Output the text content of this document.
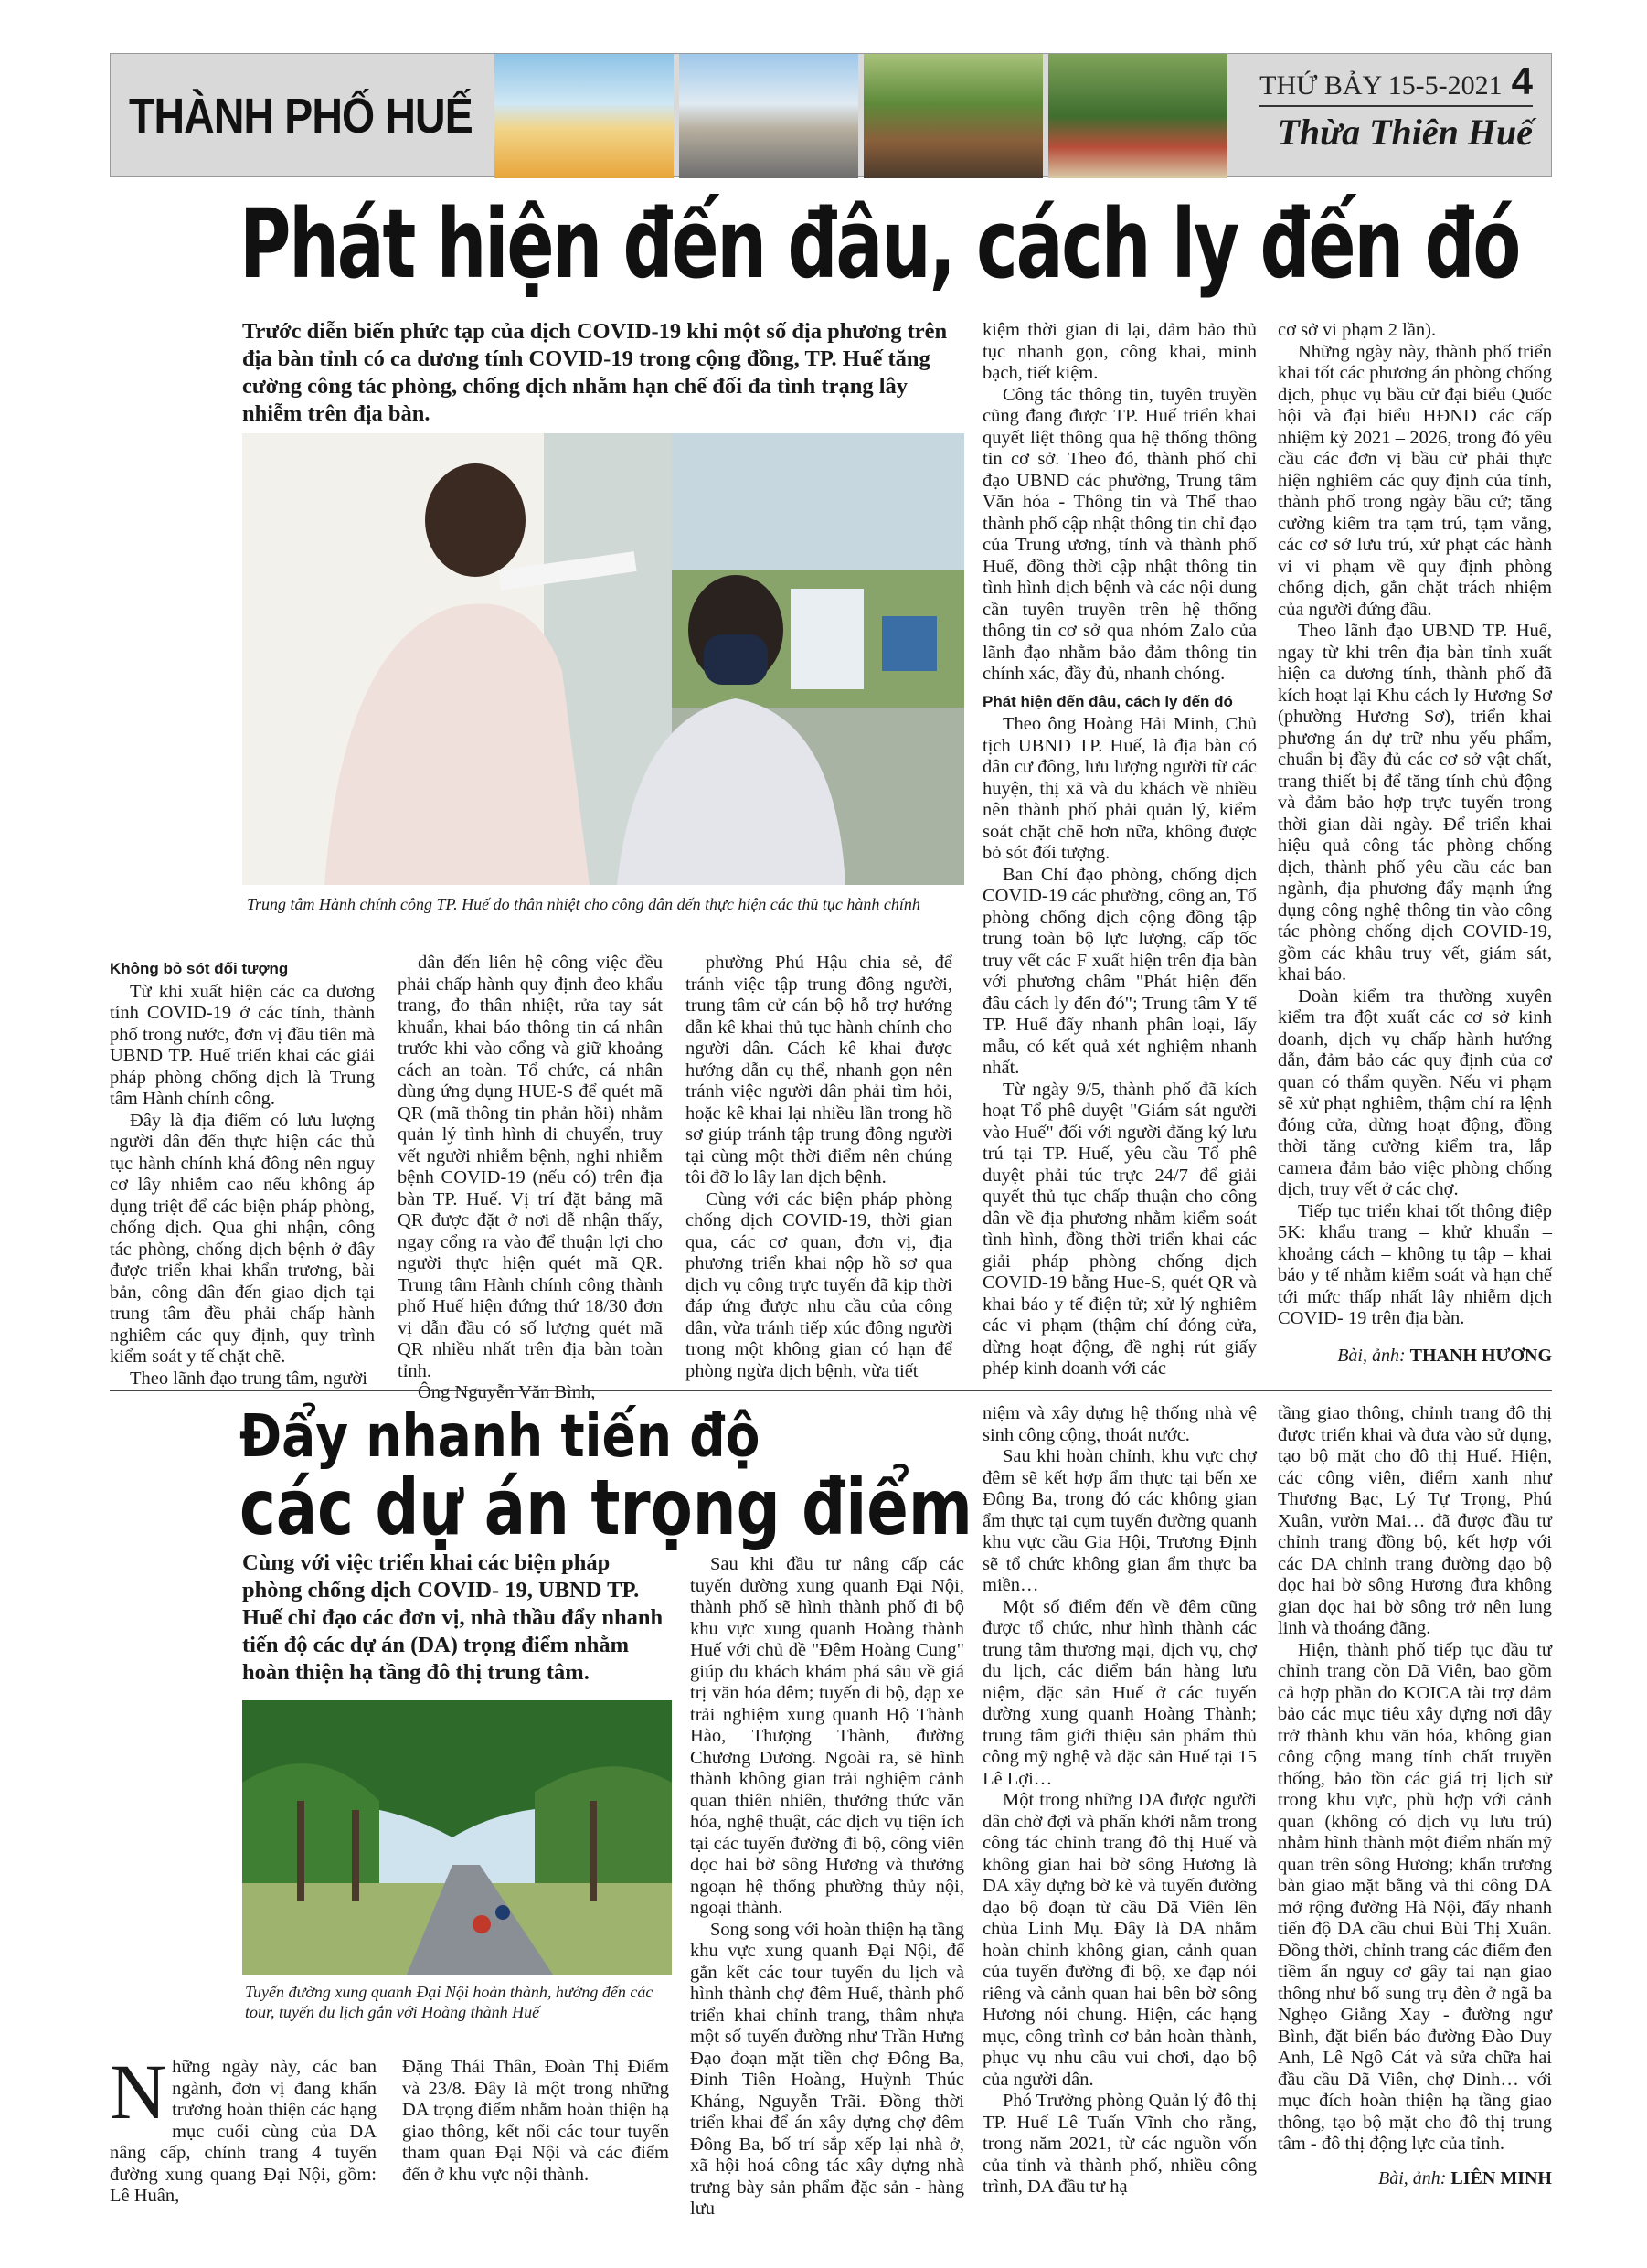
THÀNH PHỐ HUẾ
THỨ BẢY 15-5-2021 4
Thừa Thiên Huế
Phát hiện đến đâu, cách ly đến đó
Trước diễn biến phức tạp của dịch COVID-19 khi một số địa phương trên địa bàn tỉnh có ca dương tính COVID-19 trong cộng đồng, TP. Huế tăng cường công tác phòng, chống dịch nhằm hạn chế đối đa tình trạng lây nhiễm trên địa bàn.
Trung tâm Hành chính công TP. Huế đo thân nhiệt cho công dân đến thực hiện các thủ tục hành chính

Không bỏ sót đối tượng

Từ khi xuất hiện các ca dương tính COVID-19 ở các tỉnh, thành phố trong nước, đơn vị đầu tiên mà UBND TP. Huế triển khai các giải pháp phòng chống dịch là Trung tâm Hành chính công.

Đây là địa điểm có lưu lượng người dân đến thực hiện các thủ tục hành chính khá đông nên nguy cơ lây nhiễm cao nếu không áp dụng triệt để các biện pháp phòng, chống dịch. Qua ghi nhận, công tác phòng, chống dịch bệnh ở đây được triển khai khẩn trương, bài bản, công dân đến giao dịch tại trung tâm đều phải chấp hành nghiêm các quy định, quy trình kiểm soát y tế chặt chẽ.

Theo lãnh đạo trung tâm, người

dân đến liên hệ công việc đều phải chấp hành quy định đeo khẩu trang, đo thân nhiệt, rửa tay sát khuẩn, khai báo thông tin cá nhân trước khi vào cổng và giữ khoảng cách an toàn. Tổ chức, cá nhân dùng ứng dụng HUE-S để quét mã QR (mã thông tin phản hồi) nhằm quản lý tình hình di chuyển, truy vết người nhiễm bệnh, nghi nhiễm bệnh COVID-19 (nếu có) trên địa bàn TP. Huế. Vị trí đặt bảng mã QR được đặt ở nơi dễ nhận thấy, ngay cổng ra vào để thuận lợi cho người thực hiện quét mã QR. Trung tâm Hành chính công thành phố Huế hiện đứng thứ 18/30 đơn vị dẫn đầu có số lượng quét mã QR nhiều nhất trên địa bàn toàn tỉnh.

Ông Nguyễn Văn Bình,

phường Phú Hậu chia sẻ, để tránh việc tập trung đông người, trung tâm cử cán bộ hỗ trợ hướng dẫn kê khai thủ tục hành chính cho người dân. Cách kê khai được hướng dẫn cụ thể, nhanh gọn nên tránh việc người dân phải tìm hỏi, hoặc kê khai lại nhiều lần trong hồ sơ giúp tránh tập trung đông người tại cùng một thời điểm nên chúng tôi đỡ lo lây lan dịch bệnh.

Cùng với các biện pháp phòng chống dịch COVID-19, thời gian qua, các cơ quan, đơn vị, địa phương triển khai nộp hồ sơ qua dịch vụ công trực tuyến đã kịp thời đáp ứng được nhu cầu của công dân, vừa tránh tiếp xúc đông người trong một không gian có hạn để phòng ngừa dịch bệnh, vừa tiết

kiệm thời gian đi lại, đảm bảo thủ tục nhanh gọn, công khai, minh bạch, tiết kiệm.

Công tác thông tin, tuyên truyền cũng đang được TP. Huế triển khai quyết liệt thông qua hệ thống thông tin cơ sở. Theo đó, thành phố chỉ đạo UBND các phường, Trung tâm Văn hóa - Thông tin và Thể thao thành phố cập nhật thông tin chỉ đạo của Trung ương, tỉnh và thành phố Huế, đồng thời cập nhật thông tin tình hình dịch bệnh và các nội dung cần tuyên truyền trên hệ thống thông tin cơ sở qua nhóm Zalo của lãnh đạo nhằm bảo đảm thông tin chính xác, đầy đủ, nhanh chóng.

Phát hiện đến đâu, cách ly đến đó

Theo ông Hoàng Hải Minh, Chủ tịch UBND TP. Huế, là địa bàn có dân cư đông, lưu lượng người từ các huyện, thị xã và du khách về nhiều nên thành phố phải quản lý, kiểm soát chặt chẽ hơn nữa, không được bỏ sót đối tượng.

Ban Chỉ đạo phòng, chống dịch COVID-19 các phường, công an, Tổ phòng chống dịch cộng đồng tập trung toàn bộ lực lượng, cấp tốc truy vết các F xuất hiện trên địa bàn với phương châm "Phát hiện đến đâu cách ly đến đó"; Trung tâm Y tế TP. Huế đẩy nhanh phân loại, lấy mẫu, có kết quả xét nghiệm nhanh nhất.

Từ ngày 9/5, thành phố đã kích hoạt Tổ phê duyệt "Giám sát người vào Huế" đối với người đăng ký lưu trú tại TP. Huế, yêu cầu Tổ phê duyệt phải túc trực 24/7 để giải quyết thủ tục chấp thuận cho công dân về địa phương nhằm kiểm soát tình hình, đồng thời triển khai các giải pháp phòng chống dịch COVID-19 bằng Hue-S, quét QR và khai báo y tế điện tử; xử lý nghiêm các vi phạm (thậm chí đóng cửa, dừng hoạt động, đề nghị rút giấy phép kinh doanh với các

cơ sở vi phạm 2 lần).

Những ngày này, thành phố triển khai tốt các phương án phòng chống dịch, phục vụ bầu cử đại biểu Quốc hội và đại biểu HĐND các cấp nhiệm kỳ 2021 – 2026, trong đó yêu cầu các đơn vị bầu cử phải thực hiện nghiêm các quy định của tỉnh, thành phố trong ngày bầu cử; tăng cường kiểm tra tạm trú, tạm vắng, các cơ sở lưu trú, xử phạt các hành vi vi phạm về quy định phòng chống dịch, gắn chặt trách nhiệm của người đứng đầu.

Theo lãnh đạo UBND TP. Huế, ngay từ khi trên địa bàn tỉnh xuất hiện ca dương tính, thành phố đã kích hoạt lại Khu cách ly Hương Sơ (phường Hương Sơ), triển khai phương án dự trữ nhu yếu phẩm, chuẩn bị đầy đủ các cơ sở vật chất, trang thiết bị để tăng tính chủ động và đảm bảo hợp trực tuyến trong thời gian dài ngày. Để triển khai hiệu quả công tác phòng chống dịch, thành phố yêu cầu các ban ngành, địa phương đẩy mạnh ứng dụng công nghệ thông tin vào công tác phòng chống dịch COVID-19, gồm các khâu truy vết, giám sát, khai báo.

Đoàn kiểm tra thường xuyên kiểm tra đột xuất các cơ sở kinh doanh, dịch vụ chấp hành hướng dẫn, đảm bảo các quy định của cơ quan có thẩm quyền. Nếu vi phạm sẽ xử phạt nghiêm, thậm chí ra lệnh đóng cửa, dừng hoạt động, đồng thời tăng cường kiểm tra, lắp camera đảm bảo việc phòng chống dịch, truy vết ở các chợ.

Tiếp tục triển khai tốt thông điệp 5K: khẩu trang – khử khuẩn – khoảng cách – không tụ tập – khai báo y tế nhằm kiểm soát và hạn chế tới mức thấp nhất lây nhiễm dịch COVID- 19 trên địa bàn.

Bài, ảnh: THANH HƯƠNG
Đẩy nhanh tiến độ
các dự án trọng điểm
Cùng với việc triển khai các biện pháp phòng chống dịch COVID- 19, UBND TP. Huế chỉ đạo các đơn vị, nhà thầu đẩy nhanh tiến độ các dự án (DA) trọng điểm nhằm hoàn thiện hạ tầng đô thị trung tâm.
Tuyến đường xung quanh Đại Nội hoàn thành, hướng đến các tour, tuyến du lịch gắn với Hoàng thành Huế

Những ngày này, các ban ngành, đơn vị đang khẩn trương hoàn thiện các hạng mục cuối cùng của DA nâng cấp, chỉnh trang 4 tuyến đường xung quang Đại Nội, gồm: Lê Huân,

Đặng Thái Thân, Đoàn Thị Điểm và 23/8. Đây là một trong những DA trọng điểm nhằm hoàn thiện hạ giao thông, kết nối các tour tuyến tham quan Đại Nội và các điểm đến ở khu vực nội thành.

Sau khi đầu tư nâng cấp các tuyến đường xung quanh Đại Nội, thành phố sẽ hình thành phố đi bộ khu vực xung quanh Hoàng thành Huế với chủ đề "Đêm Hoàng Cung" giúp du khách khám phá sâu về giá trị văn hóa đêm; tuyến đi bộ, đạp xe trải nghiệm xung quanh Hộ Thành Hào, Thượng Thành, đường Chương Dương. Ngoài ra, sẽ hình thành không gian trải nghiệm cảnh quan thiên nhiên, thưởng thức văn hóa, nghệ thuật, các dịch vụ tiện ích tại các tuyến đường đi bộ, công viên dọc hai bờ sông Hương và thưởng ngoạn hệ thống phường thủy nội, ngoại thành.

Song song với hoàn thiện hạ tầng khu vực xung quanh Đại Nội, để gắn kết các tour tuyến du lịch và hình thành chợ đêm Huế, thành phố triển khai chỉnh trang, thâm nhựa một số tuyến đường như Trần Hưng Đạo đoạn mặt tiền chợ Đông Ba, Đinh Tiên Hoàng, Huỳnh Thúc Kháng, Nguyễn Trãi. Đồng thời triển khai để án xây dựng chợ đêm Đông Ba, bố trí sắp xếp lại nhà ở, xã hội hoá công tác xây dựng nhà trưng bày sản phẩm đặc sản - hàng lưu

niệm và xây dựng hệ thống nhà vệ sinh công cộng, thoát nước.

Sau khi hoàn chỉnh, khu vực chợ đêm sẽ kết hợp ẩm thực tại bến xe Đông Ba, trong đó các không gian ẩm thực tại cụm tuyến đường quanh khu vực cầu Gia Hội, Trương Định sẽ tổ chức không gian ẩm thực ba miền…

Một số điểm đến về đêm cũng được tổ chức, như hình thành các trung tâm thương mại, dịch vụ, chợ du lịch, các điểm bán hàng lưu niệm, đặc sản Huế ở các tuyến đường xung quanh Hoàng Thành; trung tâm giới thiệu sản phẩm thủ công mỹ nghệ và đặc sản Huế tại 15 Lê Lợi…

Một trong những DA được người dân chờ đợi và phấn khởi nằm trong công tác chỉnh trang đô thị Huế và không gian hai bờ sông Hương là DA xây dựng bờ kè và tuyến đường dạo bộ đoạn từ cầu Dã Viên lên chùa Linh Mụ. Đây là DA nhằm hoàn chỉnh không gian, cảnh quan của tuyến đường đi bộ, xe đạp nói riêng và cảnh quan hai bên bờ sông Hương nói chung. Hiện, các hạng mục, công trình cơ bản hoàn thành, phục vụ nhu cầu vui chơi, dạo bộ của người dân.

Phó Trưởng phòng Quản lý đô thị TP. Huế Lê Tuấn Vĩnh cho rằng, trong năm 2021, từ các nguồn vốn của tỉnh và thành phố, nhiều công trình, DA đầu tư hạ

tầng giao thông, chỉnh trang đô thị được triển khai và đưa vào sử dụng, tạo bộ mặt cho đô thị Huế. Hiện, các công viên, điểm xanh như Thương Bạc, Lý Tự Trọng, Phú Xuân, vườn Mai… đã được đầu tư chỉnh trang đồng bộ, kết hợp với các DA chỉnh trang đường dạo bộ dọc hai bờ sông Hương đưa không gian dọc hai bờ sông trở nên lung linh và thoáng đãng.

Hiện, thành phố tiếp tục đầu tư chỉnh trang cồn Dã Viên, bao gồm cả hợp phần do KOICA tài trợ đảm bảo các mục tiêu xây dựng nơi đây trở thành khu văn hóa, không gian công cộng mang tính chất truyền thống, bảo tồn các giá trị lịch sử trong khu vực, phù hợp với cảnh quan (không có dịch vụ lưu trú) nhằm hình thành một điểm nhấn mỹ quan trên sông Hương; khẩn trương bàn giao mặt bằng và thi công DA mở rộng đường Hà Nội, đẩy nhanh tiến độ DA cầu chui Bùi Thị Xuân. Đồng thời, chỉnh trang các điểm đen tiềm ẩn nguy cơ gây tai nạn giao thông như bổ sung trụ đèn ở ngã ba Nghẹo Giằng Xay - đường ngư Bình, đặt biển báo đường Đào Duy Anh, Lê Ngô Cát và sửa chữa hai đầu cầu Dã Viên, chợ Dinh… với mục đích hoàn thiện hạ tầng giao thông, tạo bộ mặt cho đô thị trung tâm - đô thị động lực của tỉnh.

Bài, ảnh: LIÊN MINH
